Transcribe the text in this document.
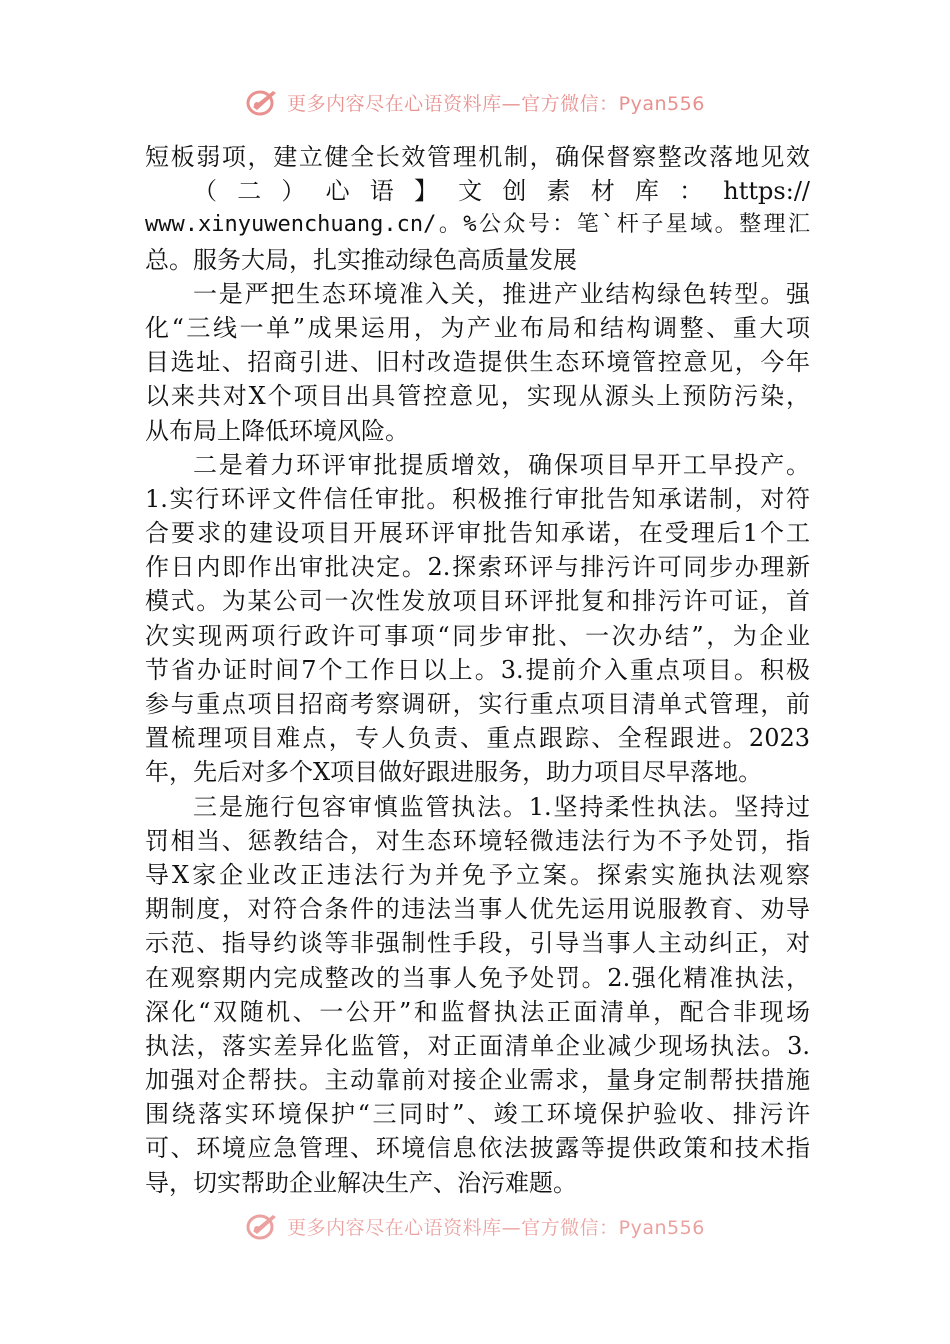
更多内容尽在心语资料库—官方微信：Pyan556
短板弱项，建立健全长效管理机制，确保督察整改落地见效
（二）心语】文创素材库：https://
www.xinyuwenchuang.cn/。%公众号：笔`杆子星域。整理汇
总。服务大局，扎实推动绿色高质量发展
一是严把生态环境准入关，推进产业结构绿色转型。强
化“三线一单”成果运用，为产业布局和结构调整、重大项
目选址、招商引进、旧村改造提供生态环境管控意见，今年
以来共对X个项目出具管控意见，实现从源头上预防污染，
从布局上降低环境风险。
二是着力环评审批提质增效，确保项目早开工早投产。
1.实行环评文件信任审批。积极推行审批告知承诺制，对符
合要求的建设项目开展环评审批告知承诺，在受理后1个工
作日内即作出审批决定。2.探索环评与排污许可同步办理新
模式。为某公司一次性发放项目环评批复和排污许可证，首
次实现两项行政许可事项“同步审批、一次办结”，为企业
节省办证时间7个工作日以上。3.提前介入重点项目。积极
参与重点项目招商考察调研，实行重点项目清单式管理，前
置梳理项目难点，专人负责、重点跟踪、全程跟进。2023
年，先后对多个X项目做好跟进服务，助力项目尽早落地。
三是施行包容审慎监管执法。1.坚持柔性执法。坚持过
罚相当、惩教结合，对生态环境轻微违法行为不予处罚，指
导X家企业改正违法行为并免予立案。探索实施执法观察
期制度，对符合条件的违法当事人优先运用说服教育、劝导
示范、指导约谈等非强制性手段，引导当事人主动纠正，对
在观察期内完成整改的当事人免予处罚。2.强化精准执法，
深化“双随机、一公开”和监督执法正面清单，配合非现场
执法，落实差异化监管，对正面清单企业减少现场执法。3.
加强对企帮扶。主动靠前对接企业需求，量身定制帮扶措施
围绕落实环境保护“三同时”、竣工环境保护验收、排污许
可、环境应急管理、环境信息依法披露等提供政策和技术指
导，切实帮助企业解决生产、治污难题。
更多内容尽在心语资料库—官方微信：Pyan556
